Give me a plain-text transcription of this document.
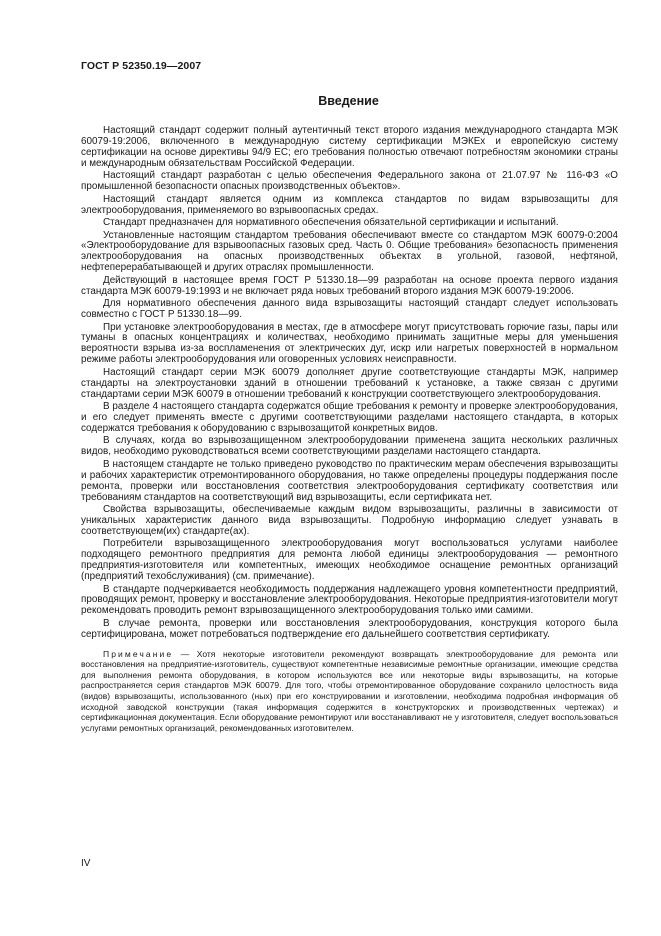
ГОСТ Р 52350.19—2007
Введение

Настоящий стандарт содержит полный аутентичный текст второго издания международного стандарта МЭК 60079-19:2006, включенного в международную систему сертификации МЭКЕх и европейскую систему сертификации на основе директивы 94/9 ЕС; его требования полностью отвечают потребностям экономики страны и международным обязательствам Российской Федерации.

Настоящий стандарт разработан с целью обеспечения Федерального закона от 21.07.97 № 116-ФЗ «О промышленной безопасности опасных производственных объектов».

Настоящий стандарт является одним из комплекса стандартов по видам взрывозащиты для электрооборудования, применяемого во взрывоопасных средах.

Стандарт предназначен для нормативного обеспечения обязательной сертификации и испытаний.

Установленные настоящим стандартом требования обеспечивают вместе со стандартом МЭК 60079-0:2004 «Электрооборудование для взрывоопасных газовых сред. Часть 0. Общие требования» безопасность применения электрооборудования на опасных производственных объектах в угольной, газовой, нефтяной, нефтеперерабатывающей и других отраслях промышленности.

Действующий в настоящее время ГОСТ Р 51330.18—99 разработан на основе проекта первого издания стандарта МЭК 60079-19:1993 и не включает ряда новых требований второго издания МЭК 60079-19:2006.

Для нормативного обеспечения данного вида взрывозащиты настоящий стандарт следует использовать совместно с ГОСТ Р 51330.18—99.

При установке электрооборудования в местах, где в атмосфере могут присутствовать горючие газы, пары или туманы в опасных концентрациях и количествах, необходимо принимать защитные меры для уменьшения вероятности взрыва из-за воспламенения от электрических дуг, искр или нагретых поверхностей в нормальном режиме работы электрооборудования или оговоренных условиях неисправности.

Настоящий стандарт серии МЭК 60079 дополняет другие соответствующие стандарты МЭК, например стандарты на электроустановки зданий в отношении требований к установке, а также связан с другими стандартами серии МЭК 60079 в отношении требований к конструкции соответствующего электрооборудования.

В разделе 4 настоящего стандарта содержатся общие требования к ремонту и проверке электрооборудования, и его следует применять вместе с другими соответствующими разделами настоящего стандарта, в которых содержатся требования к оборудованию с взрывозащитой конкретных видов.

В случаях, когда во взрывозащищенном электрооборудовании применена защита нескольких различных видов, необходимо руководствоваться всеми соответствующими разделами настоящего стандарта.

В настоящем стандарте не только приведено руководство по практическим мерам обеспечения взрывозащиты и рабочих характеристик отремонтированного оборудования, но также определены процедуры поддержания после ремонта, проверки или восстановления соответствия электрооборудования сертификату соответствия или требованиям стандартов на соответствующий вид взрывозащиты, если сертификата нет.

Свойства взрывозащиты, обеспечиваемые каждым видом взрывозащиты, различны в зависимости от уникальных характеристик данного вида взрывозащиты. Подробную информацию следует узнавать в соответствующем(их) стандарте(ах).

Потребители взрывозащищенного электрооборудования могут воспользоваться услугами наиболее подходящего ремонтного предприятия для ремонта любой единицы электрооборудования — ремонтного предприятия-изготовителя или компетентных, имеющих необходимое оснащение ремонтных организаций (предприятий техобслуживания) (см. примечание).

В стандарте подчеркивается необходимость поддержания надлежащего уровня компетентности предприятий, проводящих ремонт, проверку и восстановление электрооборудования. Некоторые предприятия-изготовители могут рекомендовать проводить ремонт взрывозащищенного электрооборудования только ими самими.

В случае ремонта, проверки или восстановления электрооборудования, конструкция которого была сертифицирована, может потребоваться подтверждение его дальнейшего соответствия сертификату.

Примечание — Хотя некоторые изготовители рекомендуют возвращать электрооборудование для ремонта или восстановления на предприятие-изготовитель, существуют компетентные независимые ремонтные организации, имеющие средства для выполнения ремонта оборудования, в котором используются все или некоторые виды взрывозащиты, на которые распространяется серия стандартов МЭК 60079. Для того, чтобы отремонтированное оборудование сохранило целостность вида (видов) взрывозащиты, использованного (ных) при его конструировании и изготовлении, необходима подробная информация об исходной заводской конструкции (такая информация содержится в конструкторских и производственных чертежах) и сертификационная документация. Если оборудование ремонтируют или восстанавливают не у изготовителя, следует воспользоваться услугами ремонтных организаций, рекомендованных изготовителем.

IV
